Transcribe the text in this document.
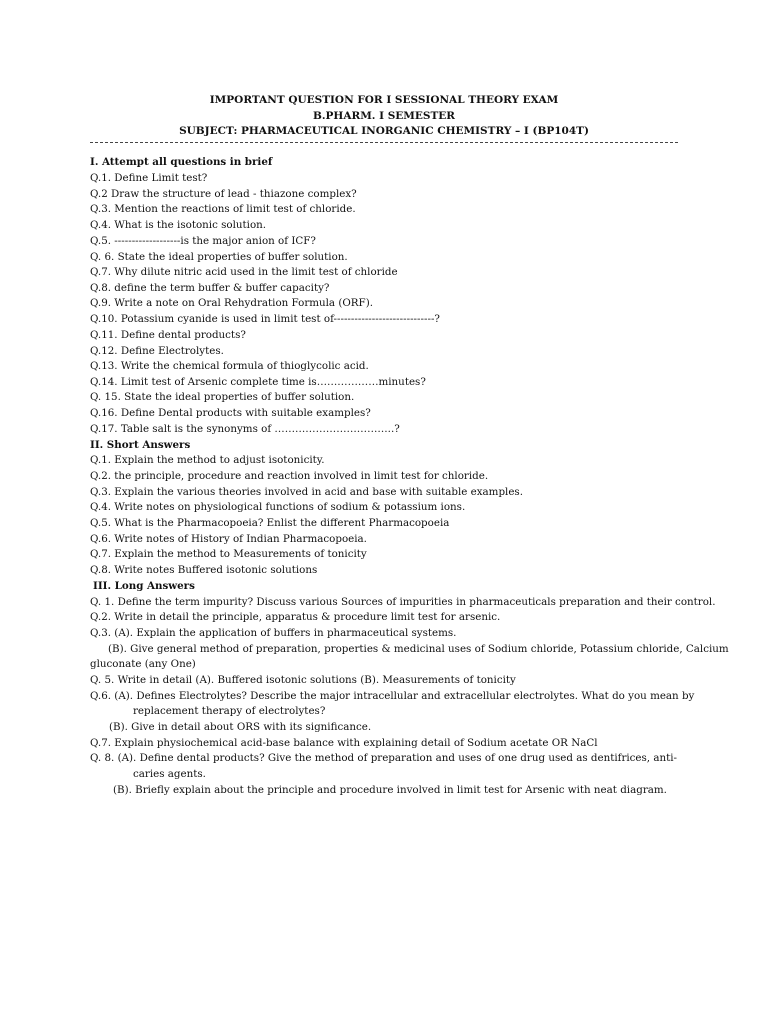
IMPORTANT QUESTION FOR I SESSIONAL THEORY EXAM
B.PHARM. I SEMESTER
SUBJECT: PHARMACEUTICAL INORGANIC CHEMISTRY – I (BP104T)
I. Attempt all questions in brief
Q.1. Define Limit test?
Q.2 Draw the structure of lead - thiazone complex?
Q.3. Mention the reactions of limit test of chloride.
Q.4. What is the isotonic solution.
Q.5. -------------------is the major anion of ICF?
Q. 6. State the ideal properties of buffer solution.
Q.7. Why dilute nitric acid used in the limit test of chloride
Q.8. define the term buffer & buffer capacity?
Q.9. Write a note on Oral Rehydration Formula (ORF).
Q.10. Potassium cyanide is used in limit test of-----------------------------?
Q.11. Define dental products?
Q.12. Define Electrolytes.
Q.13. Write the chemical formula of thioglycolic acid.
Q.14. Limit test of Arsenic complete time is………………minutes?
Q. 15. State the ideal properties of buffer solution.
Q.16. Define Dental products with suitable examples?
Q.17. Table salt is the synonyms of ……………………………..?
II. Short Answers
Q.1. Explain the method to adjust isotonicity.
Q.2. the principle, procedure and reaction involved in limit test for chloride.
Q.3. Explain the various theories involved in acid and base with suitable examples.
Q.4. Write notes on physiological functions of sodium & potassium ions.
Q.5. What is the Pharmacopoeia? Enlist the different Pharmacopoeia
Q.6. Write notes of History of Indian Pharmacopoeia.
Q.7. Explain the method to Measurements of tonicity
Q.8. Write notes Buffered isotonic solutions
III. Long Answers
Q. 1. Define the term impurity? Discuss various Sources of impurities in pharmaceuticals preparation and their control.
Q.2. Write in detail the principle, apparatus & procedure limit test for arsenic.
Q.3. (A). Explain the application of buffers in pharmaceutical systems.
(B). Give general method of preparation, properties & medicinal uses of Sodium chloride, Potassium chloride, Calcium
gluconate (any One)
Q. 5. Write in detail (A). Buffered isotonic solutions (B). Measurements of tonicity
Q.6. (A). Defines Electrolytes? Describe the major intracellular and extracellular electrolytes. What do you mean by
replacement therapy of electrolytes?
(B). Give in detail about ORS with its significance.
Q.7. Explain physiochemical acid-base balance with explaining detail of Sodium acetate OR NaCl
Q. 8. (A). Define dental products? Give the method of preparation and uses of one drug used as dentifrices, anti-
caries agents.
(B). Briefly explain about the principle and procedure involved in limit test for Arsenic with neat diagram.
